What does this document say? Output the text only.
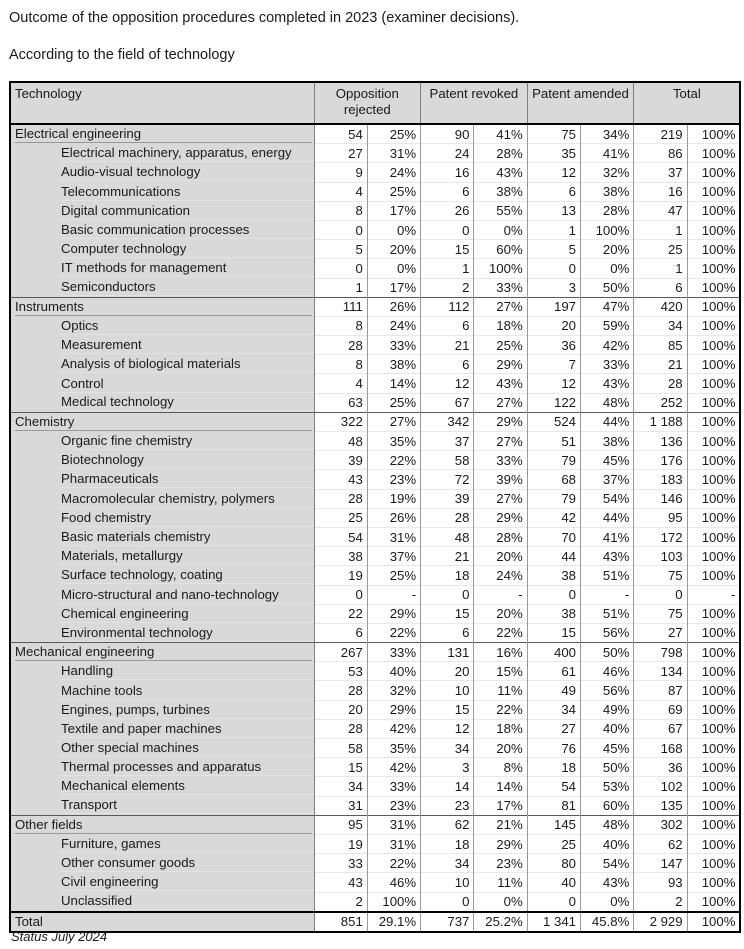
Outcome of the opposition procedures completed in 2023 (examiner decisions).
According to the field of technology
Technology	Opposition rejected		Patent revoked		Patent amended		Total	

Electrical engineering	54	25%	90	41%	75	34%	219	100%

Electrical machinery, apparatus, energy	27	31%	24	28%	35	41%	86	100%

Audio-visual technology	9	24%	16	43%	12	32%	37	100%

Telecommunications	4	25%	6	38%	6	38%	16	100%

Digital communication	8	17%	26	55%	13	28%	47	100%

Basic communication processes	0	0%	0	0%	1	100%	1	100%

Computer technology	5	20%	15	60%	5	20%	25	100%

IT methods for management	0	0%	1	100%	0	0%	1	100%

Semiconductors	1	17%	2	33%	3	50%	6	100%

Instruments	111	26%	112	27%	197	47%	420	100%

Optics	8	24%	6	18%	20	59%	34	100%

Measurement	28	33%	21	25%	36	42%	85	100%

Analysis of biological materials	8	38%	6	29%	7	33%	21	100%

Control	4	14%	12	43%	12	43%	28	100%

Medical technology	63	25%	67	27%	122	48%	252	100%

Chemistry	322	27%	342	29%	524	44%	1 188	100%

Organic fine chemistry	48	35%	37	27%	51	38%	136	100%

Biotechnology	39	22%	58	33%	79	45%	176	100%

Pharmaceuticals	43	23%	72	39%	68	37%	183	100%

Macromolecular chemistry, polymers	28	19%	39	27%	79	54%	146	100%

Food chemistry	25	26%	28	29%	42	44%	95	100%

Basic materials chemistry	54	31%	48	28%	70	41%	172	100%

Materials, metallurgy	38	37%	21	20%	44	43%	103	100%

Surface technology, coating	19	25%	18	24%	38	51%	75	100%

Micro-structural and nano-technology	0	-	0	-	0	-	0	-

Chemical engineering	22	29%	15	20%	38	51%	75	100%

Environmental technology	6	22%	6	22%	15	56%	27	100%

Mechanical engineering	267	33%	131	16%	400	50%	798	100%

Handling	53	40%	20	15%	61	46%	134	100%

Machine tools	28	32%	10	11%	49	56%	87	100%

Engines, pumps, turbines	20	29%	15	22%	34	49%	69	100%

Textile and paper machines	28	42%	12	18%	27	40%	67	100%

Other special machines	58	35%	34	20%	76	45%	168	100%

Thermal processes and apparatus	15	42%	3	8%	18	50%	36	100%

Mechanical elements	34	33%	14	14%	54	53%	102	100%

Transport	31	23%	23	17%	81	60%	135	100%

Other fields	95	31%	62	21%	145	48%	302	100%

Furniture, games	19	31%	18	29%	25	40%	62	100%

Other consumer goods	33	22%	34	23%	80	54%	147	100%

Civil engineering	43	46%	10	11%	40	43%	93	100%

Unclassified	2	100%	0	0%	0	0%	2	100%
Total	851	29.1%	737	25.2%	1 341	45.8%	2 929	100%
Status July 2024
